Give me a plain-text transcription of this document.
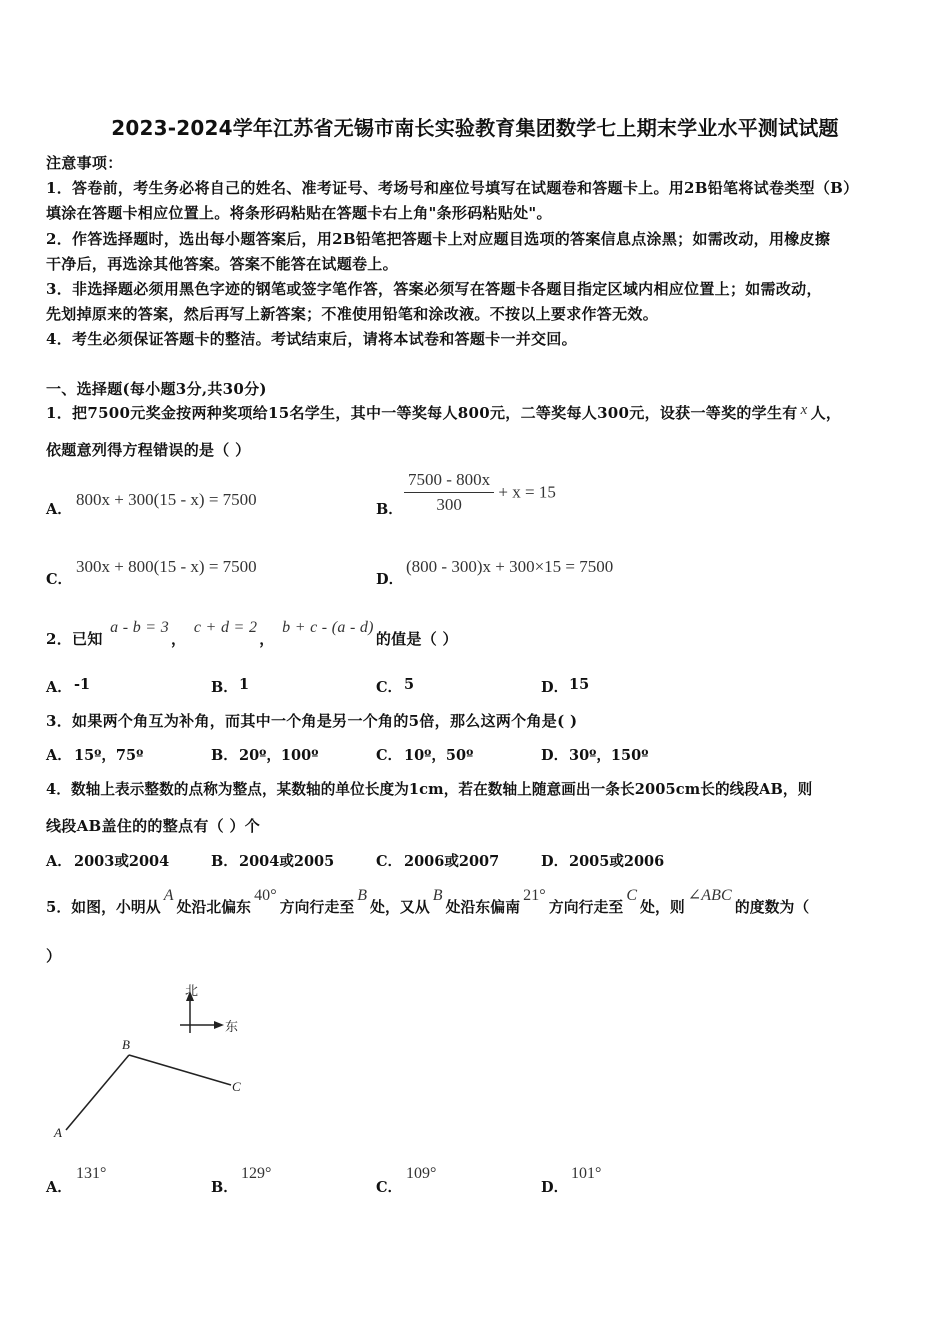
2023-2024学年江苏省无锡市南长实验教育集团数学七上期末学业水平测试试题
注意事项：
1．答卷前，考生务必将自己的姓名、准考证号、考场号和座位号填写在试题卷和答题卡上。用2B铅笔将试卷类型（B）
填涂在答题卡相应位置上。将条形码粘贴在答题卡右上角"条形码粘贴处"。
2．作答选择题时，选出每小题答案后，用2B铅笔把答题卡上对应题目选项的答案信息点涂黑；如需改动，用橡皮擦
干净后，再选涂其他答案。答案不能答在试题卷上。
3．非选择题必须用黑色字迹的钢笔或签字笔作答，答案必须写在答题卡各题目指定区域内相应位置上；如需改动，
先划掉原来的答案，然后再写上新答案；不准使用铅笔和涂改液。不按以上要求作答无效。
4．考生必须保证答题卡的整洁。考试结束后，请将本试卷和答题卡一并交回。
一、选择题(每小题3分,共30分)
1．把7500元奖金按两种奖项给15名学生，其中一等奖每人800元，二等奖每人300元，设获一等奖的学生有 x 人，
依题意列得方程错误的是（ ）
A．
800x + 300(15 - x) = 7500
B． $\frac{7500 - 800x}{300} + x = 15$
C．
300x + 800(15 - x) = 7500
D．
(800 - 300)x + 300×15 = 7500
2．已知 a - b = 3， c + d = 2， b + c - (a - d)的值是（ ）
A． -1	B． 1	C． 5	D． 15
3．如果两个角互为补角，而其中一个角是另一个角的5倍，那么这两个角是( )
A． 15º，75º	B． 20º，100º	C． 10º，50º	D． 30º，150º
4．数轴上表示整数的点称为整点，某数轴的单位长度为1cm，若在数轴上随意画出一条长2005cm长的线段AB，则
线段AB盖住的的整点有（ ）个
A． 2003或2004	B． 2004或2005	C． 2006或2007	D． 2005或2006
5．如图，小明从A处沿北偏东40°方向行走至B处，又从B处沿东偏南21°方向行走至C处，则∠ABC的度数为（
）
北
东
A
B
C
A．
131°
B．
129°
C．
109°
D．
101°
